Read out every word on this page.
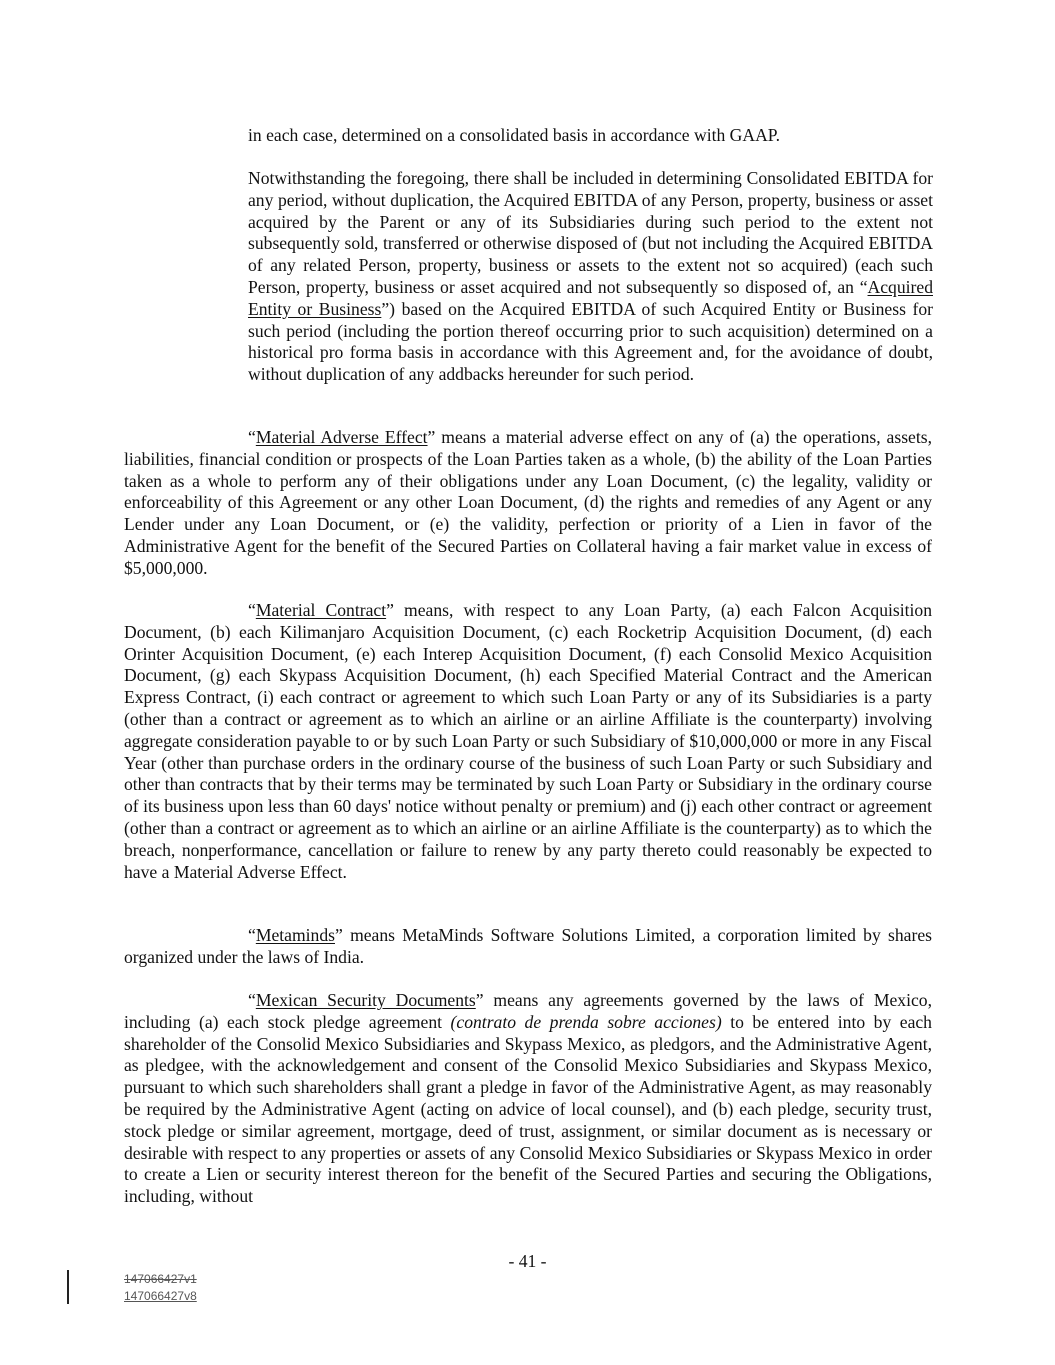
in each case, determined on a consolidated basis in accordance with GAAP.

Notwithstanding the foregoing, there shall be included in determining Consolidated EBITDA for any period, without duplication, the Acquired EBITDA of any Person, property, business or asset acquired by the Parent or any of its Subsidiaries during such period to the extent not subsequently sold, transferred or otherwise disposed of (but not including the Acquired EBITDA of any related Person, property, business or assets to the extent not so acquired) (each such Person, property, business or asset acquired and not subsequently so disposed of, an “Acquired Entity or Business”) based on the Acquired EBITDA of such Acquired Entity or Business for such period (including the portion thereof occurring prior to such acquisition) determined on a historical pro forma basis in accordance with this Agreement and, for the avoidance of doubt, without duplication of any addbacks hereunder for such period.

“Material Adverse Effect” means a material adverse effect on any of (a) the operations, assets, liabilities, financial condition or prospects of the Loan Parties taken as a whole, (b) the ability of the Loan Parties taken as a whole to perform any of their obligations under any Loan Document, (c) the legality, validity or enforceability of this Agreement or any other Loan Document, (d) the rights and remedies of any Agent or any Lender under any Loan Document, or (e) the validity, perfection or priority of a Lien in favor of the Administrative Agent for the benefit of the Secured Parties on Collateral having a fair market value in excess of $5,000,000.

“Material Contract” means, with respect to any Loan Party, (a) each Falcon Acquisition Document, (b) each Kilimanjaro Acquisition Document, (c) each Rocketrip Acquisition Document, (d) each Orinter Acquisition Document, (e) each Interep Acquisition Document, (f) each Consolid Mexico Acquisition Document, (g) each Skypass Acquisition Document, (h) each Specified Material Contract and the American Express Contract, (i) each contract or agreement to which such Loan Party or any of its Subsidiaries is a party (other than a contract or agreement as to which an airline or an airline Affiliate is the counterparty) involving aggregate consideration payable to or by such Loan Party or such Subsidiary of $10,000,000 or more in any Fiscal Year (other than purchase orders in the ordinary course of the business of such Loan Party or such Subsidiary and other than contracts that by their terms may be terminated by such Loan Party or Subsidiary in the ordinary course of its business upon less than 60 days' notice without penalty or premium) and (j) each other contract or agreement (other than a contract or agreement as to which an airline or an airline Affiliate is the counterparty) as to which the breach, nonperformance, cancellation or failure to renew by any party thereto could reasonably be expected to have a Material Adverse Effect.

“Metaminds” means MetaMinds Software Solutions Limited, a corporation limited by shares organized under the laws of India.

“Mexican Security Documents” means any agreements governed by the laws of Mexico, including (a) each stock pledge agreement (contrato de prenda sobre acciones) to be entered into by each shareholder of the Consolid Mexico Subsidiaries and Skypass Mexico, as pledgors, and the Administrative Agent, as pledgee, with the acknowledgement and consent of the Consolid Mexico Subsidiaries and Skypass Mexico, pursuant to which such shareholders shall grant a pledge in favor of the Administrative Agent, as may reasonably be required by the Administrative Agent (acting on advice of local counsel), and (b) each pledge, security trust, stock pledge or similar agreement, mortgage, deed of trust, assignment, or similar document as is necessary or desirable with respect to any properties or assets of any Consolid Mexico Subsidiaries or Skypass Mexico in order to create a Lien or security interest thereon for the benefit of the Secured Parties and securing the Obligations, including, without

- 41 -
147066427v1
147066427v8
